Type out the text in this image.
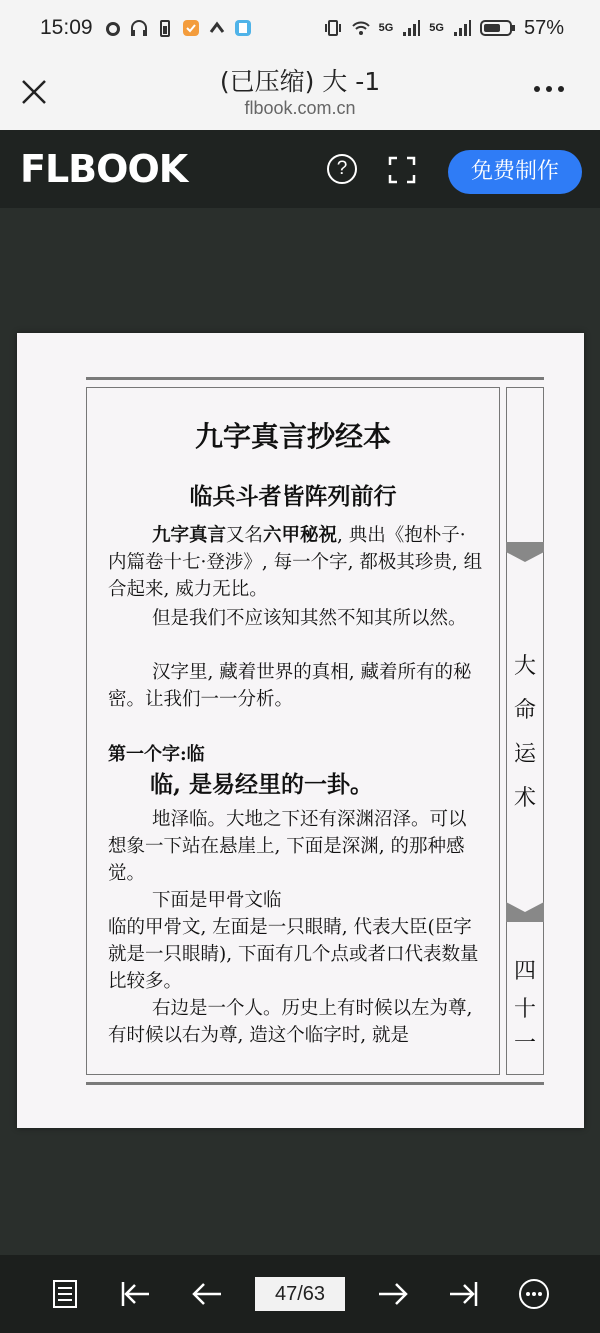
15:09	5G	5G	57%
(已压缩) 大 -1
flbook.com.cn
FLBOOK	?	免费制作
九字真言抄经本
临兵斗者皆阵列前行
九字真言又名六甲秘祝, 典出《抱朴子·内篇卷十七·登涉》, 每一个字, 都极其珍贵, 组合起来, 威力无比。
但是我们不应该知其然不知其所以然。
汉字里, 藏着世界的真相, 藏着所有的秘密。让我们一一分析。
第一个字:临
临, 是易经里的一卦。
地泽临。大地之下还有深渊沼泽。可以想象一下站在悬崖上, 下面是深渊, 的那种感觉。
下面是甲骨文临
临的甲骨文, 左面是一只眼睛, 代表大臣(臣字就是一只眼睛), 下面有几个点或者口代表数量比较多。
右边是一个人。历史上有时候以左为尊, 有时候以右为尊, 造这个临字时, 就是
大
命
运
术
四
十
一
47/63
